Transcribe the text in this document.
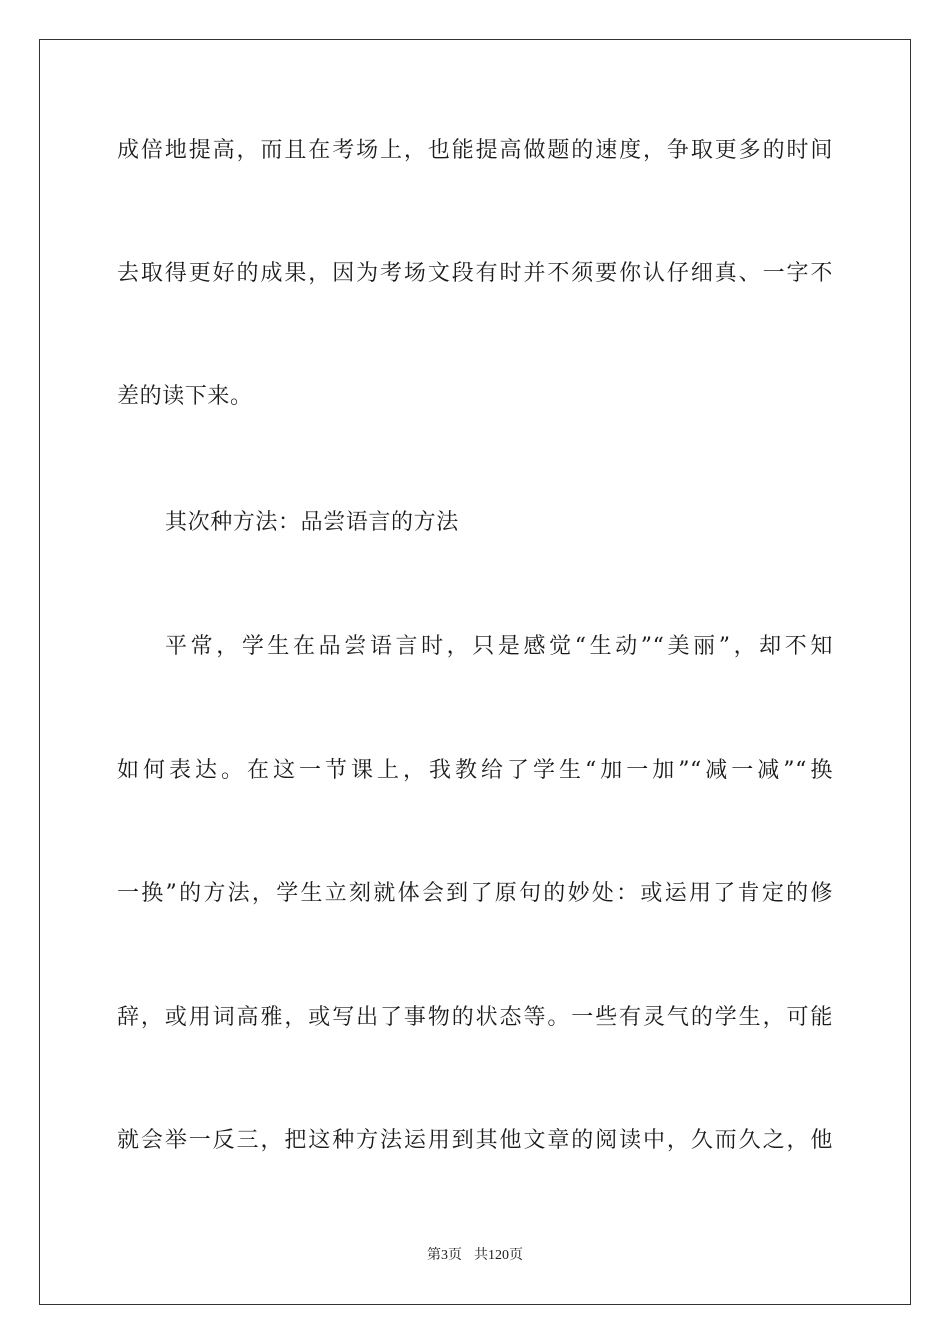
成倍地提高，而且在考场上，也能提高做题的速度，争取更多的时间
去取得更好的成果，因为考场文段有时并不须要你认仔细真、一字不
差的读下来。
其次种方法：品尝语言的方法
平常，学生在品尝语言时，只是感觉“生动”“美丽”，却不知
如何表达。在这一节课上，我教给了学生“加一加”“减一减”“换
一换”的方法，学生立刻就体会到了原句的妙处：或运用了肯定的修
辞，或用词高雅，或写出了事物的状态等。一些有灵气的学生，可能
就会举一反三，把这种方法运用到其他文章的阅读中，久而久之，他
第3页 共120页
